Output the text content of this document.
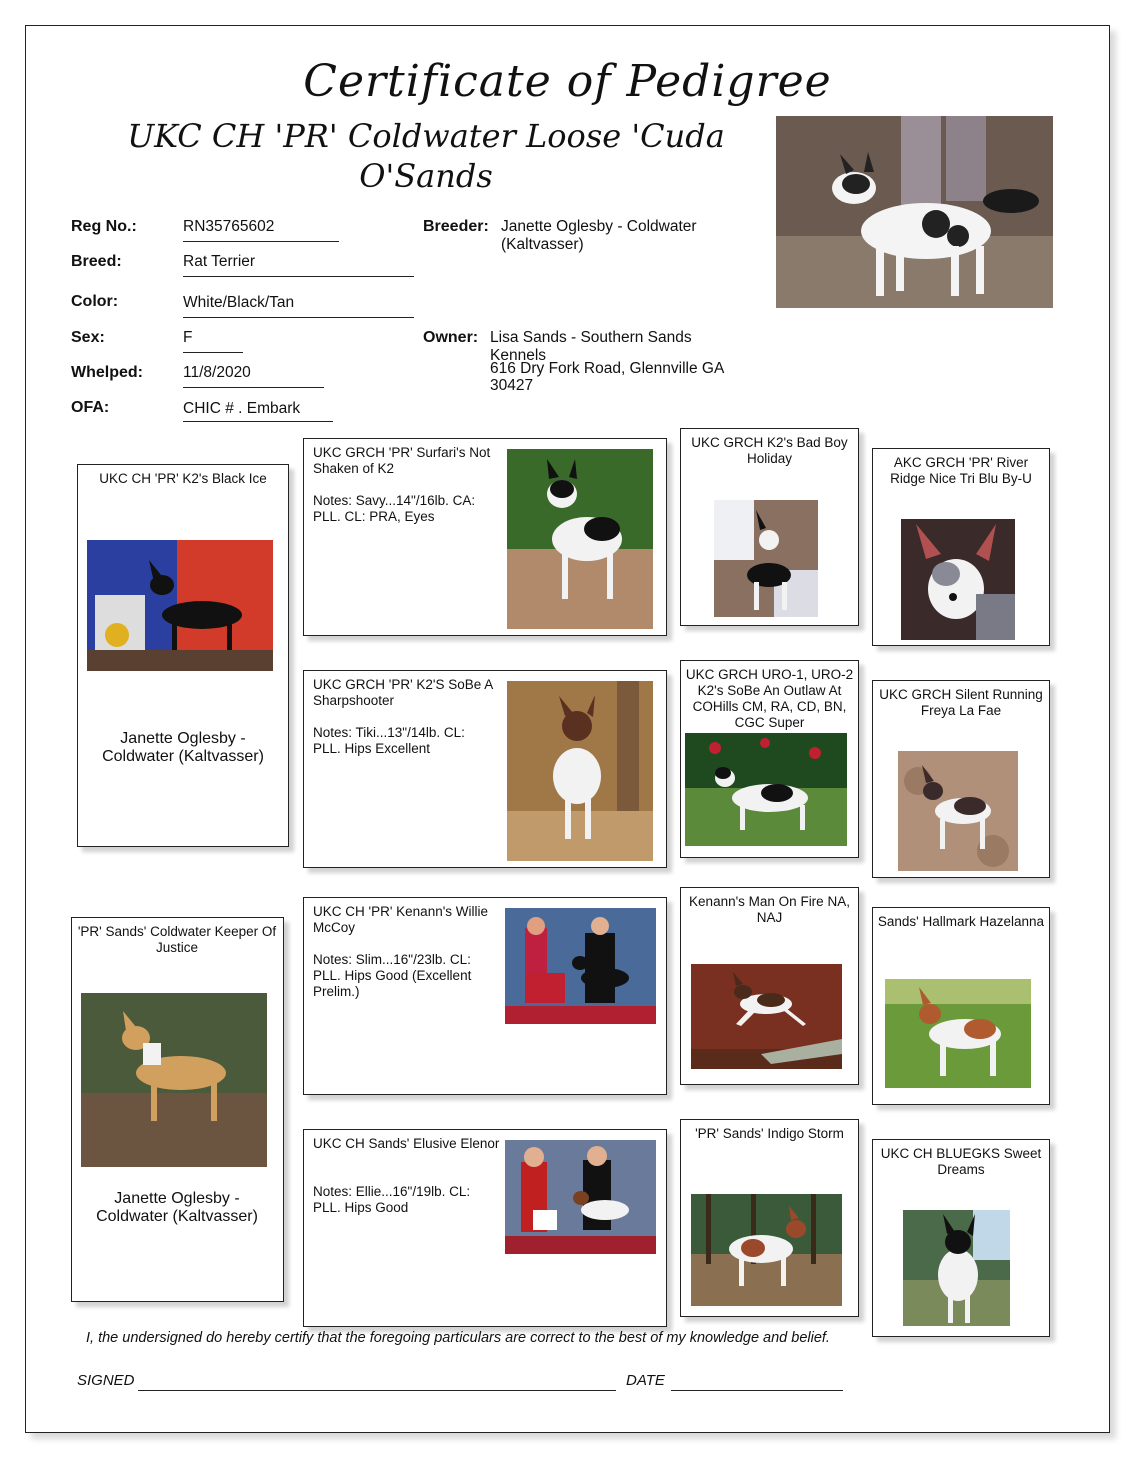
Certificate of Pedigree
UKC CH 'PR' Coldwater Loose 'Cuda
O'Sands
Reg No.:	RN35765602
Breed:	Rat Terrier
Color:	White/Black/Tan
Sex:	F
Whelped:	11/8/2020
OFA:	CHIC # . Embark
Breeder: Janette Oglesby - Coldwater (Kaltvasser)
Owner: Lisa Sands - Southern Sands Kennels
616 Dry Fork Road, Glennville GA 30427
UKC CH 'PR' K2's Black Ice
Janette Oglesby - Coldwater (Kaltvasser)
'PR' Sands' Coldwater Keeper Of Justice
Janette Oglesby - Coldwater (Kaltvasser)
UKC GRCH 'PR' Surfari's Not Shaken of K2
Notes: Savy...14"/16lb. CA: PLL. CL: PRA, Eyes
UKC GRCH 'PR' K2'S SoBe A Sharpshooter
Notes: Tiki...13"/14lb. CL: PLL. Hips Excellent
UKC CH 'PR' Kenann's Willie McCoy
Notes: Slim...16"/23lb. CL: PLL. Hips Good (Excellent Prelim.)
UKC CH Sands' Elusive Elenor
Notes: Ellie...16"/19lb. CL: PLL. Hips Good
UKC GRCH K2's Bad Boy Holiday
UKC GRCH URO-1, URO-2 K2's SoBe An Outlaw At COHills CM, RA, CD, BN, CGC Super
Kenann's Man On Fire NA, NAJ
'PR' Sands' Indigo Storm
AKC GRCH 'PR' River Ridge Nice Tri Blu By-U
UKC GRCH Silent Running Freya La Fae
Sands' Hallmark Hazelanna
UKC CH BLUEGKS Sweet Dreams
I, the undersigned do hereby certify that the foregoing particulars are correct to the best of my knowledge and belief.
SIGNED	DATE
